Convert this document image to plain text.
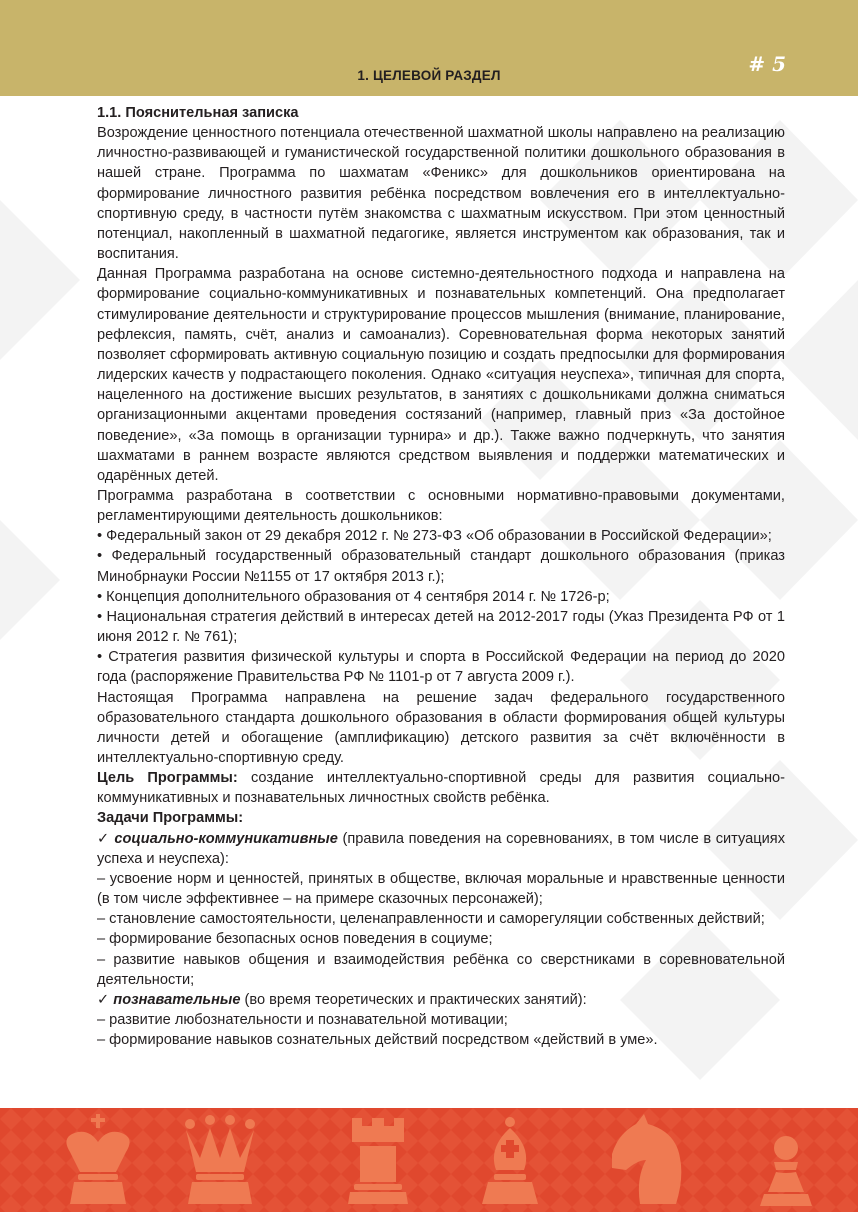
# 5
1. ЦЕЛЕВОЙ РАЗДЕЛ

1.1. Пояснительная записка

Возрождение ценностного потенциала отечественной шахматной школы направлено на реализацию личностно-развивающей и гуманистической государственной политики дошкольного образования в нашей стране. Программа по шахматам «Феникс» для дошкольников ориентирована на формирование личностного развития ребёнка посредством вовлечения его в интеллектуально-спортивную среду, в частности путём знакомства с шахматным искусством. При этом ценностный потенциал, накопленный в шахматной педагогике, является инструментом как образования, так и воспитания.

Данная Программа разработана на основе системно-деятельностного подхода и направлена на формирование социально-коммуникативных и познавательных компетенций. Она предполагает стимулирование деятельности и структурирование процессов мышления (внимание, планирование, рефлексия, память, счёт, анализ и самоанализ). Соревновательная форма некоторых занятий позволяет сформировать активную социальную позицию и создать предпосылки для формирования лидерских качеств у подрастающего поколения. Однако «ситуация неуспеха», типичная для спорта, нацеленного на достижение высших результатов, в занятиях с дошкольниками должна сниматься организационными акцентами проведения состязаний (например, главный приз «За достойное поведение», «За помощь в организации турнира» и др.). Также важно подчеркнуть, что занятия шахматами в раннем возрасте являются средством выявления и поддержки математических и одарённых детей.

Программа разработана в соответствии с основными нормативно-правовыми документами, регламентирующими деятельность дошкольников:

• Федеральный закон от 29 декабря 2012 г. № 273-ФЗ «Об образовании в Российской Федерации»;

• Федеральный государственный образовательный стандарт дошкольного образования (приказ Минобрнауки России №1155 от 17 октября 2013 г.);

• Концепция дополнительного образования от 4 сентября 2014 г. № 1726-р;

• Национальная стратегия действий в интересах детей на 2012-2017 годы (Указ Президента РФ от 1 июня 2012 г. № 761);

• Стратегия развития физической культуры и спорта в Российской Федерации на период до 2020 года (распоряжение Правительства РФ № 1101-р от 7 августа 2009 г.).

Настоящая Программа направлена на решение задач федерального государственного образовательного стандарта дошкольного образования в области формирования общей культуры личности детей и обогащение (амплификацию) детского развития за счёт включённости в интеллектуально-спортивную среду.

Цель Программы: создание интеллектуально-спортивной среды для развития социально-коммуникативных и познавательных личностных свойств ребёнка.

Задачи Программы:

✓ социально-коммуникативные (правила поведения на соревнованиях, в том числе в ситуациях успеха и неуспеха):

– усвоение норм и ценностей, принятых в обществе, включая моральные и нравственные ценности (в том числе эффективнее – на примере сказочных персонажей);

– становление самостоятельности, целенаправленности и саморегуляции собственных действий;

– формирование безопасных основ поведения в социуме;

– развитие навыков общения и взаимодействия ребёнка со сверстниками в соревновательной деятельности;

✓ познавательные (во время теоретических и практических занятий):

– развитие любознательности и познавательной мотивации;

– формирование навыков сознательных действий посредством «действий в уме».
